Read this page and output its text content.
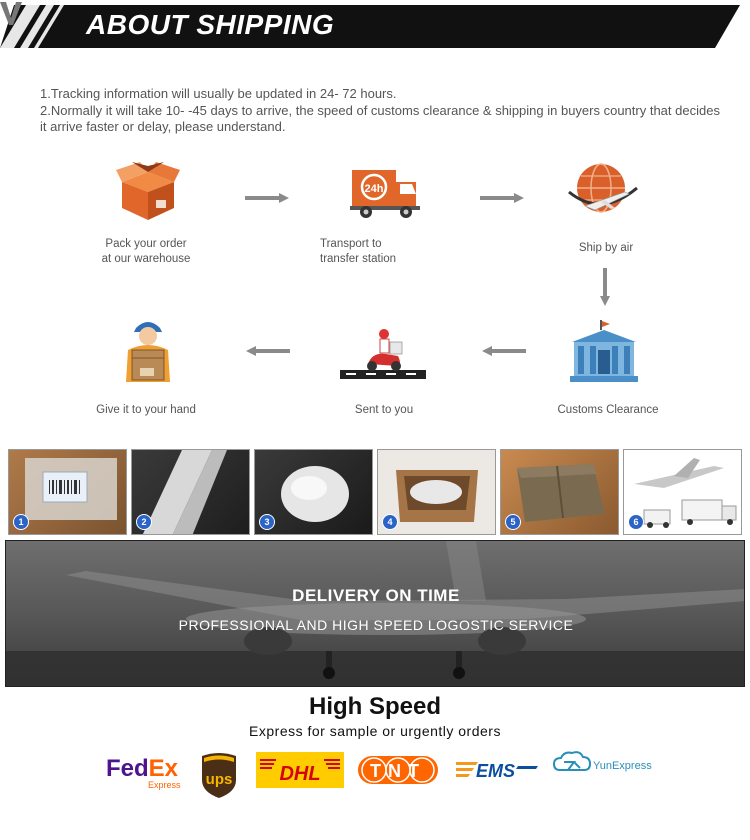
ABOUT SHIPPING

1.Tracking information will usually be updated in 24- 72 hours.

2.Normally it will take 10- -45 days to arrive, the speed of customs clearance & shipping in buyers country that decides it arrive faster or delay, please understand.

Pack your order
at our warehouse
24h
Transport to
transfer station
Ship by air
Customs Clearance
Sent to you
Give it to your hand
1	2	3	4	5	6
DELIVERY ON TIME
PROFESSIONAL AND HIGH SPEED LOGOSTIC SERVICE
High Speed
Express for sample or urgently orders
FedEx
Express ups DHL	TNT	EMS	YunExpress
